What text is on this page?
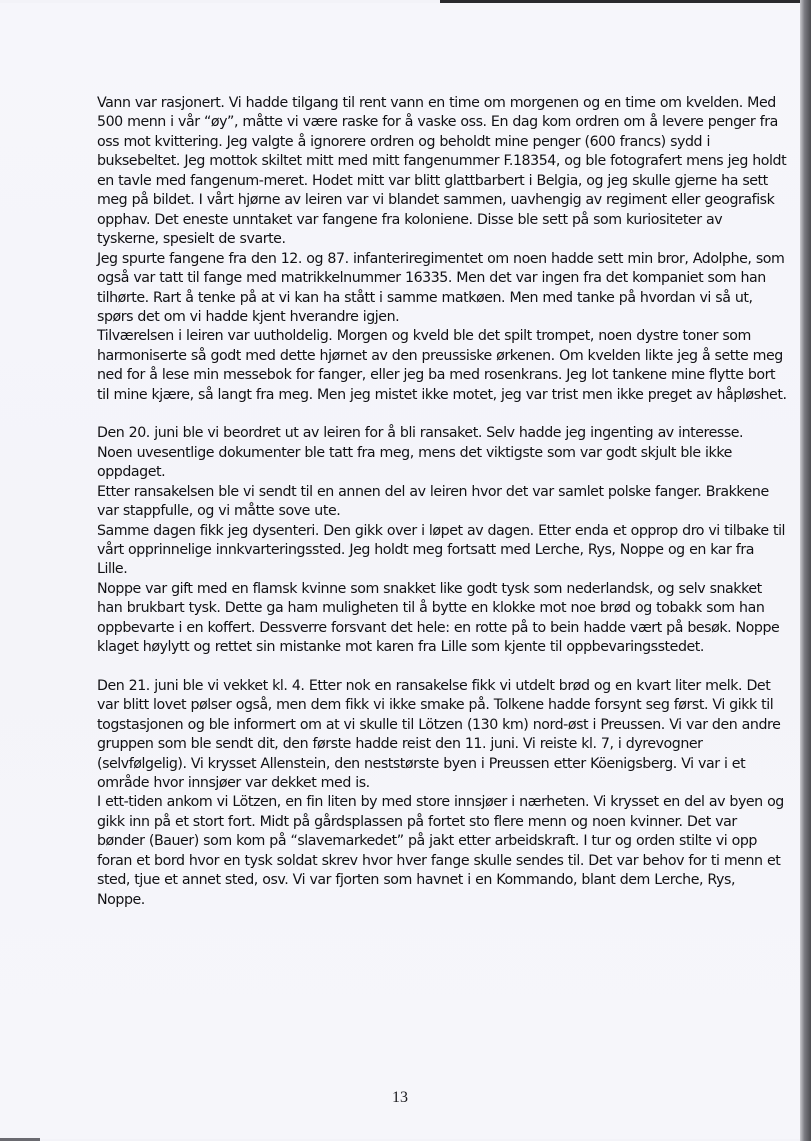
Vann var rasjonert. Vi hadde tilgang til rent vann en time om morgenen og en time om kvelden. Med 500 menn i vår “øy”, måtte vi være raske for å vaske oss. En dag kom ordren om å levere penger fra oss mot kvittering. Jeg valgte å ignorere ordren og beholdt mine penger (600 francs) sydd i buksebeltet. Jeg mottok skiltet mitt med mitt fangenummer F.18354, og ble fotografert mens jeg holdt en tavle med fangenum-meret. Hodet mitt var blitt glattbarbert i Belgia, og jeg skulle gjerne ha sett meg på bildet. I vårt hjørne av leiren var vi blandet sammen, uavhengig av regiment eller geografisk opphav. Det eneste unntaket var fangene fra koloniene. Disse ble sett på som kuriositeter av tyskerne, spesielt de svarte.

Jeg spurte fangene fra den 12. og 87. infanteriregimentet om noen hadde sett min bror, Adolphe, som også var tatt til fange med matrikkelnummer 16335. Men det var ingen fra det kompaniet som han tilhørte. Rart å tenke på at vi kan ha stått i samme matkøen. Men med tanke på hvordan vi så ut, spørs det om vi hadde kjent hverandre igjen.

Tilværelsen i leiren var uutholdelig. Morgen og kveld ble det spilt trompet, noen dystre toner som harmoniserte så godt med dette hjørnet av den preussiske ørkenen. Om kvelden likte jeg å sette meg ned for å lese min messebok for fanger, eller jeg ba med rosenkrans. Jeg lot tankene mine flytte bort til mine kjære, så langt fra meg. Men jeg mistet ikke motet, jeg var trist men ikke preget av håpløshet.

Den 20. juni ble vi beordret ut av leiren for å bli ransaket. Selv hadde jeg ingenting av interesse.

Noen uvesentlige dokumenter ble tatt fra meg, mens det viktigste som var godt skjult ble ikke oppdaget.

Etter ransakelsen ble vi sendt til en annen del av leiren hvor det var samlet polske fanger. Brakkene var stappfulle, og vi måtte sove ute.

Samme dagen fikk jeg dysenteri. Den gikk over i løpet av dagen. Etter enda et opprop dro vi tilbake til vårt opprinnelige innkvarteringssted. Jeg holdt meg fortsatt med Lerche, Rys, Noppe og en kar fra Lille.

Noppe var gift med en flamsk kvinne som snakket like godt tysk som nederlandsk, og selv snakket han brukbart tysk. Dette ga ham muligheten til å bytte en klokke mot noe brød og tobakk som han oppbevarte i en koffert. Dessverre forsvant det hele: en rotte på to bein hadde vært på besøk. Noppe klaget høylytt og rettet sin mistanke mot karen fra Lille som kjente til oppbevaringsstedet.

Den 21. juni ble vi vekket kl. 4. Etter nok en ransakelse fikk vi utdelt brød og en kvart liter melk. Det var blitt lovet pølser også, men dem fikk vi ikke smake på. Tolkene hadde forsynt seg først. Vi gikk til togstasjonen og ble informert om at vi skulle til Lötzen (130 km) nord-øst i Preussen. Vi var den andre gruppen som ble sendt dit, den første hadde reist den 11. juni. Vi reiste kl. 7, i dyrevogner (selvfølgelig). Vi krysset Allenstein, den neststørste byen i Preussen etter Köenigsberg. Vi var i et område hvor innsjøer var dekket med is.

I ett-tiden ankom vi Lötzen, en fin liten by med store innsjøer i nærheten. Vi krysset en del av byen og gikk inn på et stort fort. Midt på gårdsplassen på fortet sto flere menn og noen kvinner. Det var bønder (Bauer) som kom på “slavemarkedet” på jakt etter arbeidskraft. I tur og orden stilte vi opp foran et bord hvor en tysk soldat skrev hvor hver fange skulle sendes til. Det var behov for ti menn et sted, tjue et annet sted, osv. Vi var fjorten som havnet i en Kommando, blant dem Lerche, Rys, Noppe.

13
